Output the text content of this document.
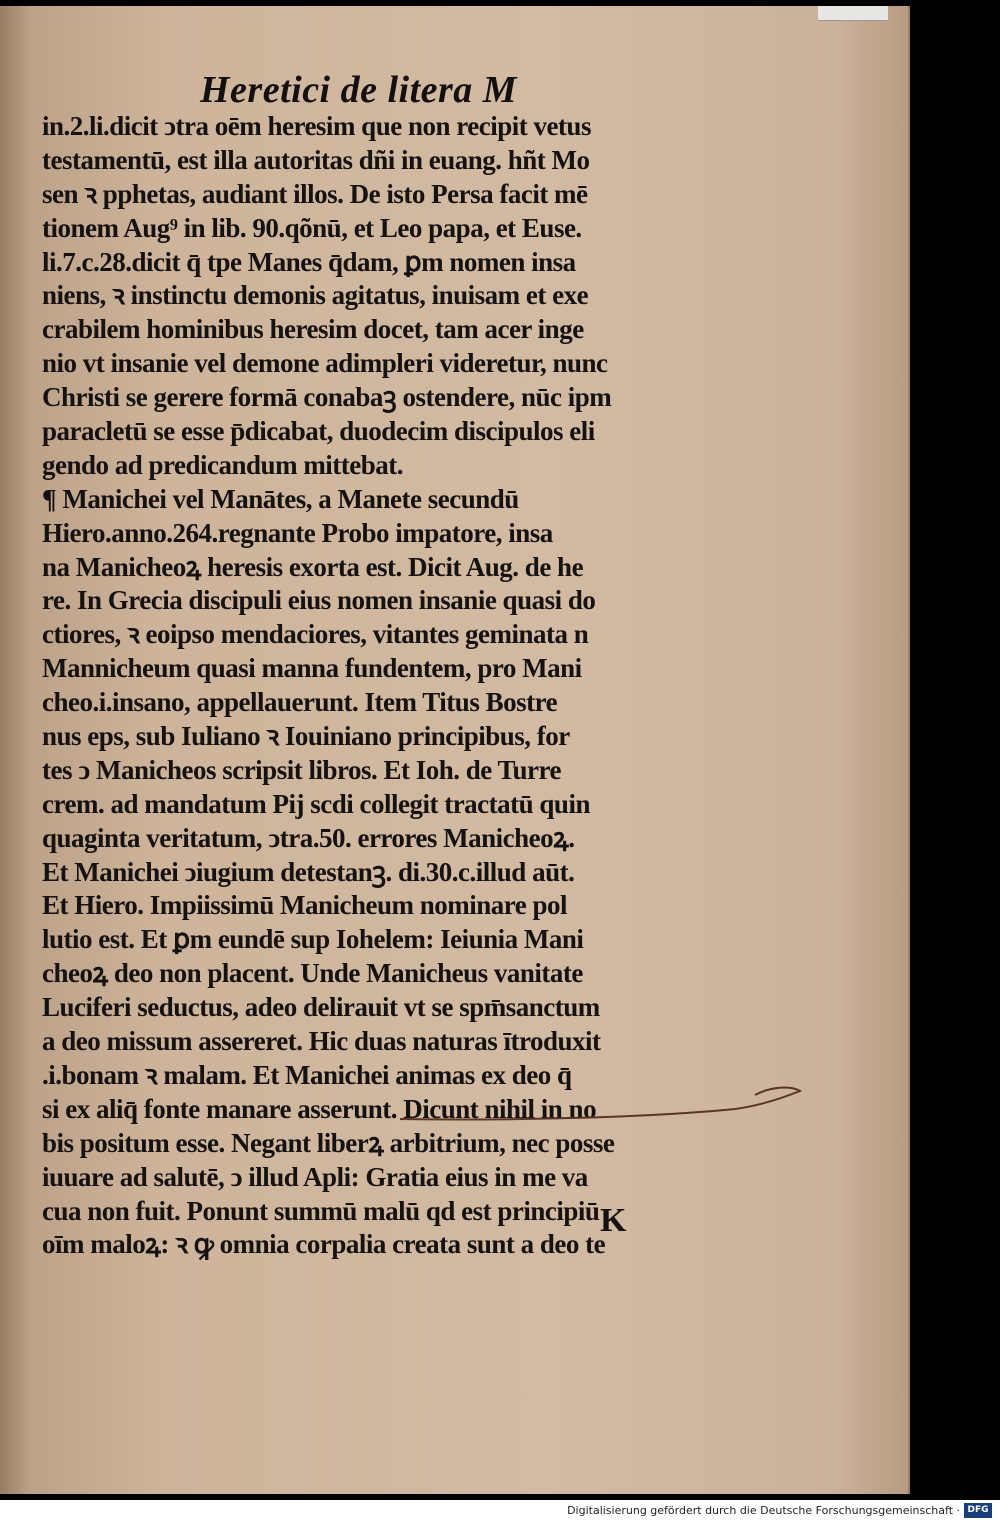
Heretici de litera M
in.2.li.dicit ↄtra oēm heresim que non recipit vetus
testamentū, est illa autoritas dñi in euang. hñt Mo
sen ꝛ pphetas, audiant illos. De isto Persa facit mē
tionem Aug⁹ in lib. 90.qõnū, et Leo papa, et Euse.
li.7.c.28.dicit q̄ tpe Manes q̄dam, ꝑm nomen insa
niens, ꝛ instinctu demonis agitatus, inuisam et exe
crabilem hominibus heresim docet, tam acer inge
nio vt insanie vel demone adimpleri videretur, nunc
Christi se gerere formā conabaꝫ ostendere, nūc ipm
paracletū se esse p̄dicabat, duodecim discipulos eli
gendo ad predicandum mittebat.
¶ Manichei vel Manātes, a Manete secundū
Hiero.anno.264.regnante Probo impatore, insa
na Manicheoꝝ heresis exorta est. Dicit Aug. de he
re. In Grecia discipuli eius nomen insanie quasi do
ctiores, ꝛ eoipso mendaciores, vitantes geminata n
Mannicheum quasi manna fundentem, pro Mani
cheo.i.insano, appellauerunt. Item Titus Bostre
nus eps, sub Iuliano ꝛ Iouiniano principibus, for
tes ↄ Manicheos scripsit libros. Et Ioh. de Turre
crem. ad mandatum Pij scdi collegit tractatū quin
quaginta veritatum, ↄtra.50. errores Manicheoꝝ.
Et Manichei ↄiugium detestanꝫ. di.30.c.illud aūt.
Et Hiero. Impiissimū Manicheum nominare pol
lutio est. Et ꝑm eundē sup Iohelem: Ieiunia Mani
cheoꝝ deo non placent. Unde Manicheus vanitate
Luciferi seductus, adeo delirauit vt se spm̄sanctum
a deo missum assereret. Hic duas naturas ītroduxit
.i.bonam ꝛ malam. Et Manichei animas ex deo q̄
si ex aliq̄ fonte manare asserunt. Dicunt nihil in no
bis positum esse. Negant liberꝝ arbitrium, nec posse
iuuare ad salutē, ↄ illud Apli: Gratia eius in me va
cua non fuit. Ponunt summū malū qd est principiū
oīm maloꝝ: ꝛ ꝙ omnia corpalia creata sunt a deo te
K
Digitalisierung gefördert durch die Deutsche Forschungsgemeinschaft · DFG
